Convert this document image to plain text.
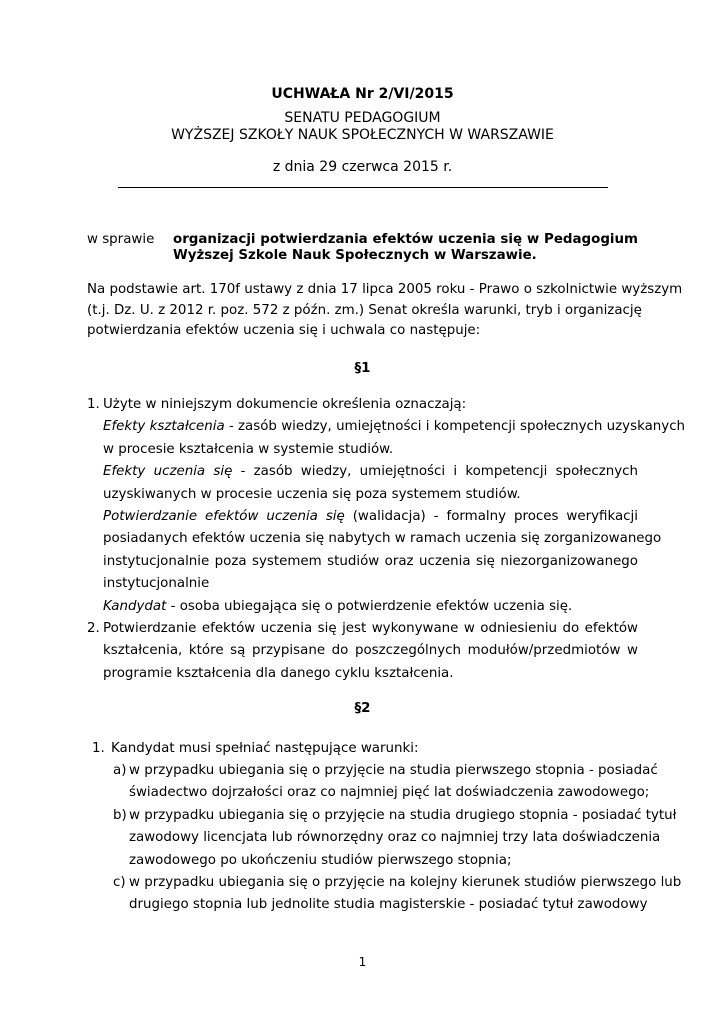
UCHWAŁA Nr 2/VI/2015
SENATU PEDAGOGIUM
WYŻSZEJ SZKOŁY NAUK SPOŁECZNYCH W WARSZAWIE
z dnia 29 czerwca 2015 r.
w sprawie organizacji potwierdzania efektów uczenia się w Pedagogium
Wyższej Szkole Nauk Społecznych w Warszawie.
Na podstawie art. 170f ustawy z dnia 17 lipca 2005 roku - Prawo o szkolnictwie wyższym
(t.j. Dz. U. z 2012 r. poz. 572 z późn. zm.) Senat określa warunki, tryb i organizację
potwierdzania efektów uczenia się i uchwala co następuje:
§1
1. Użyte w niniejszym dokumencie określenia oznaczają:
Efekty kształcenia - zasób wiedzy, umiejętności i kompetencji społecznych uzyskanych
w procesie kształcenia w systemie studiów.
Efekty uczenia się - zasób wiedzy, umiejętności i kompetencji społecznych
uzyskiwanych w procesie uczenia się poza systemem studiów.
Potwierdzanie efektów uczenia się (walidacja) - formalny proces weryfikacji
posiadanych efektów uczenia się nabytych w ramach uczenia się zorganizowanego
instytucjonalnie poza systemem studiów oraz uczenia się niezorganizowanego
instytucjonalnie
Kandydat - osoba ubiegająca się o potwierdzenie efektów uczenia się.
2. Potwierdzanie efektów uczenia się jest wykonywane w odniesieniu do efektów
kształcenia, które są przypisane do poszczególnych modułów/przedmiotów w
programie kształcenia dla danego cyklu kształcenia.
§2
1. Kandydat musi spełniać następujące warunki:
a) w przypadku ubiegania się o przyjęcie na studia pierwszego stopnia - posiadać
świadectwo dojrzałości oraz co najmniej pięć lat doświadczenia zawodowego;
b) w przypadku ubiegania się o przyjęcie na studia drugiego stopnia - posiadać tytuł
zawodowy licencjata lub równorzędny oraz co najmniej trzy lata doświadczenia
zawodowego po ukończeniu studiów pierwszego stopnia;
c) w przypadku ubiegania się o przyjęcie na kolejny kierunek studiów pierwszego lub
drugiego stopnia lub jednolite studia magisterskie - posiadać tytuł zawodowy
1
